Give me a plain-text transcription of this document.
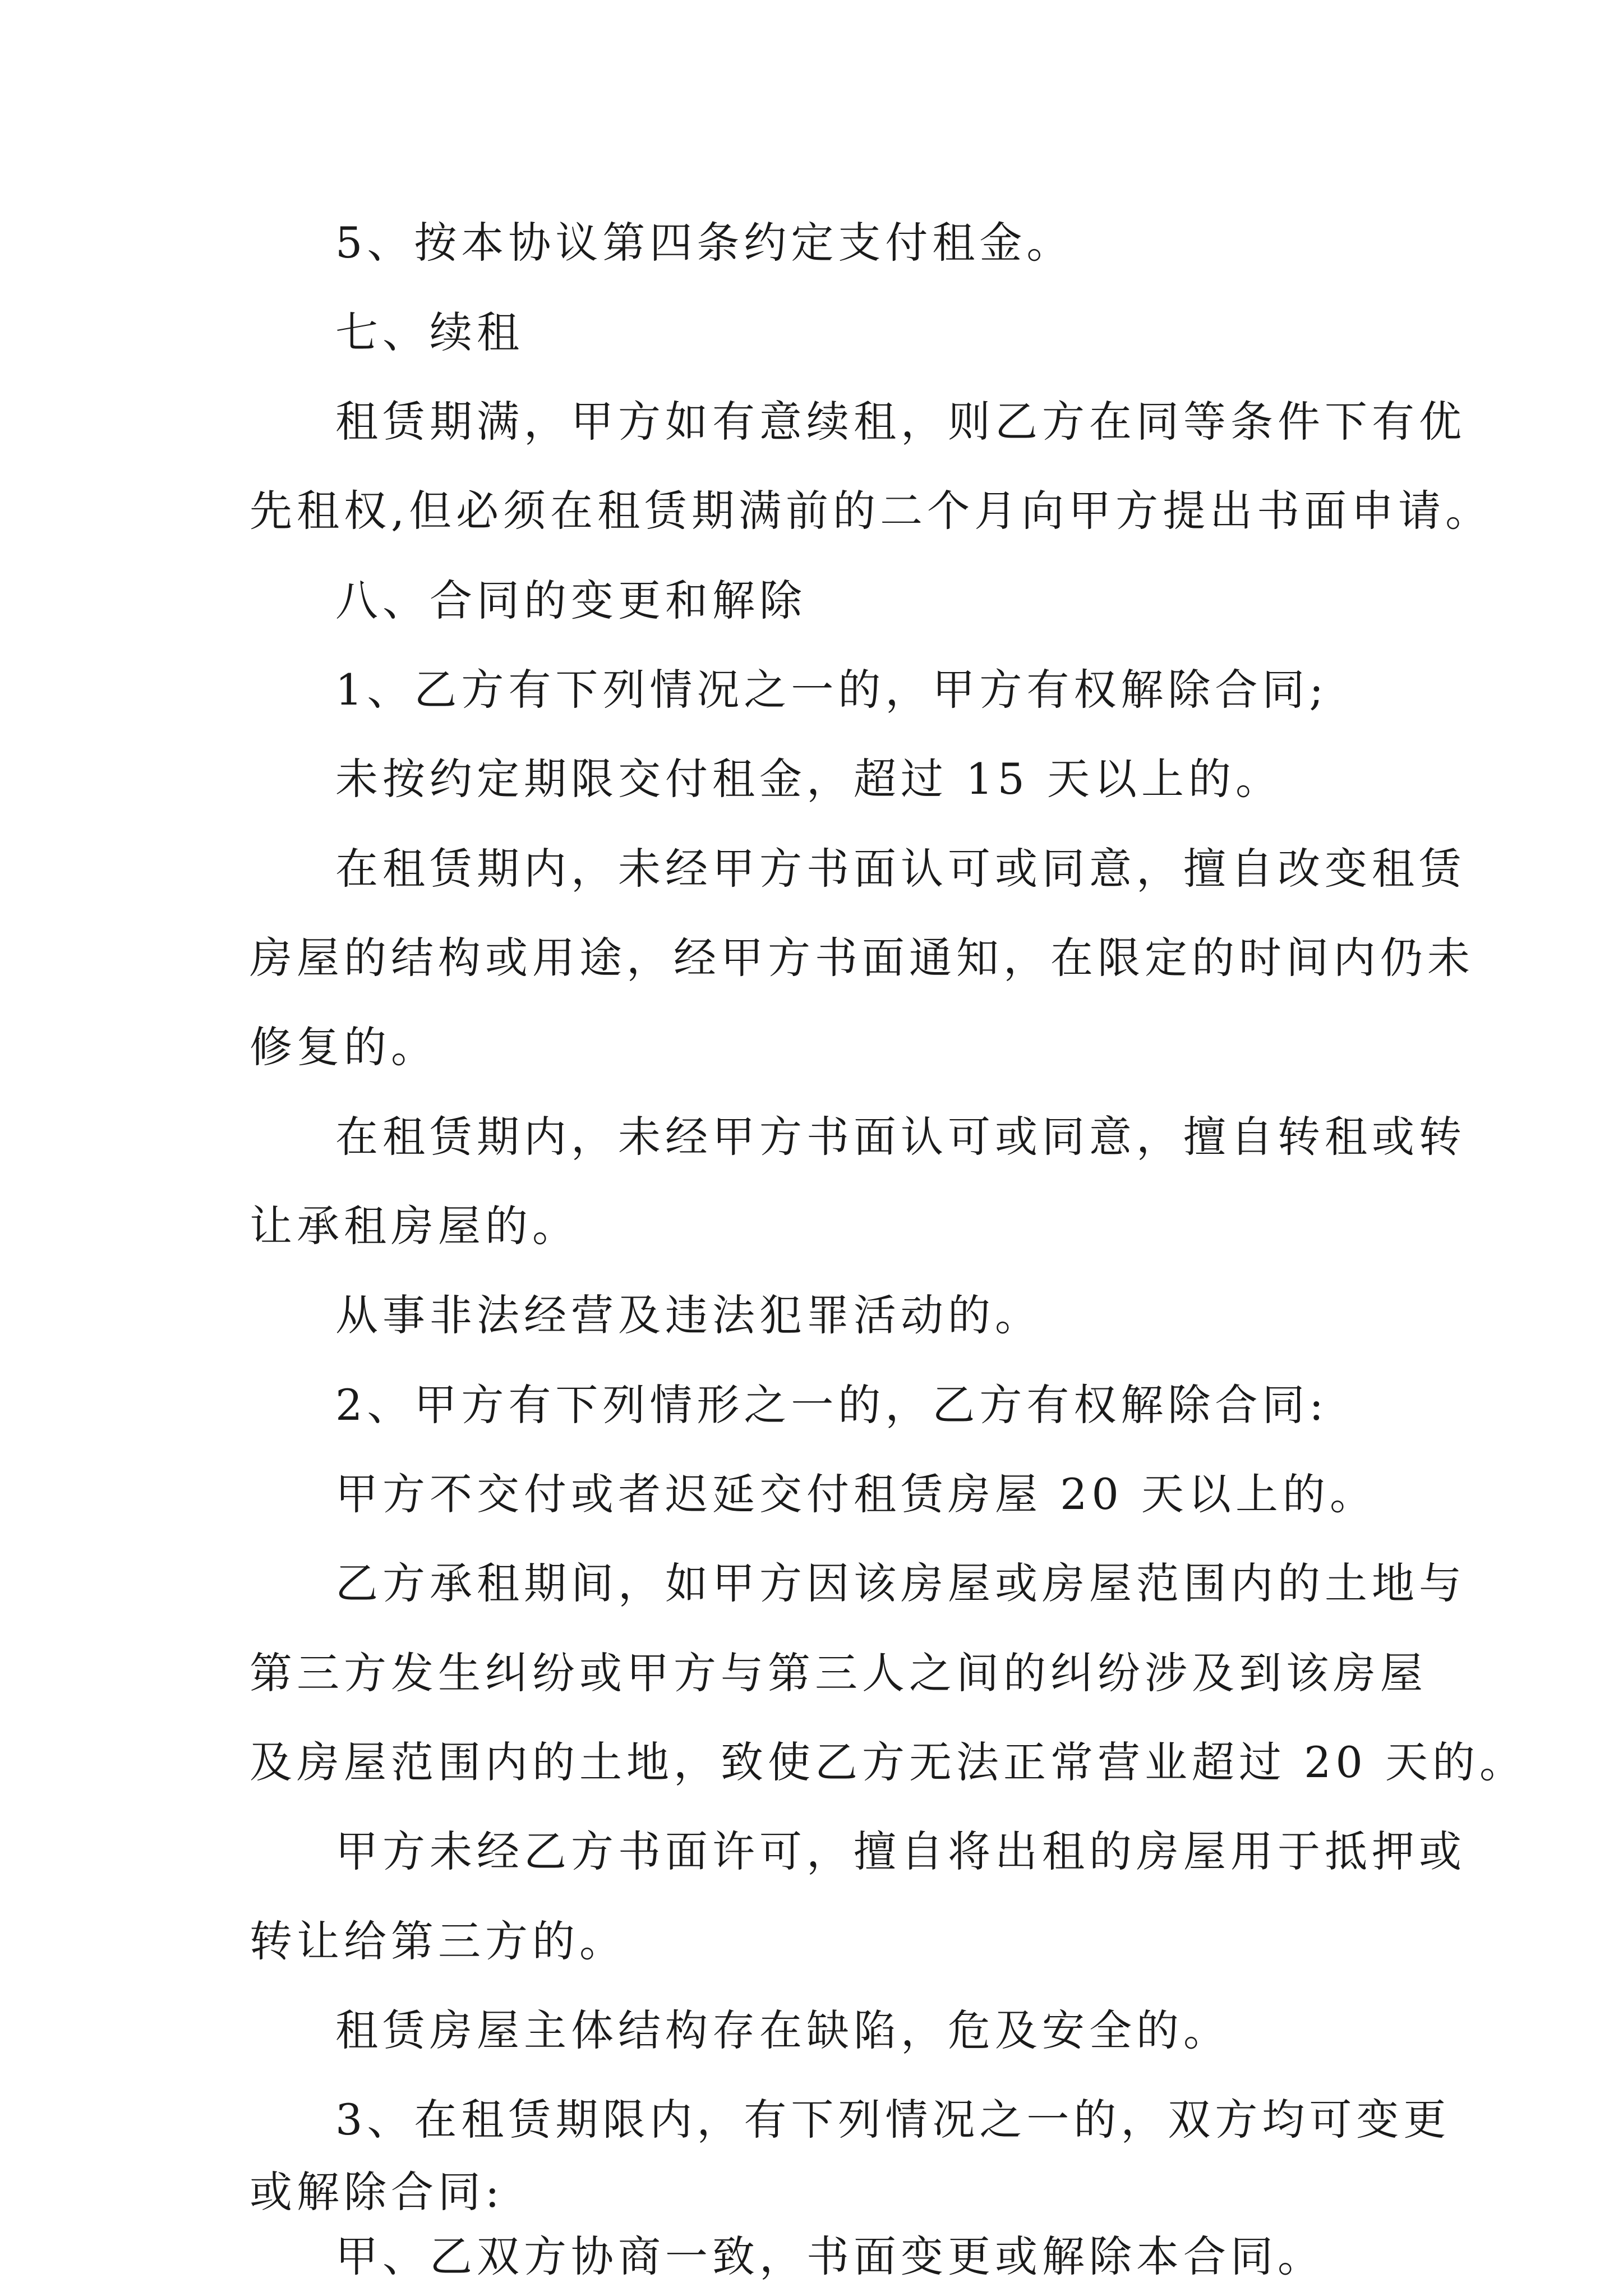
5、按本协议第四条约定支付租金。
七、续租
租赁期满，甲方如有意续租，则乙方在同等条件下有优
先租权,但必须在租赁期满前的二个月向甲方提出书面申请。
八、合同的变更和解除
1、乙方有下列情况之一的，甲方有权解除合同;
未按约定期限交付租金，超过 15 天以上的。
在租赁期内，未经甲方书面认可或同意，擅自改变租赁
房屋的结构或用途，经甲方书面通知，在限定的时间内仍未
修复的。
在租赁期内，未经甲方书面认可或同意，擅自转租或转
让承租房屋的。
从事非法经营及违法犯罪活动的。
2、甲方有下列情形之一的，乙方有权解除合同:
甲方不交付或者迟延交付租赁房屋 20 天以上的。
乙方承租期间，如甲方因该房屋或房屋范围内的土地与
第三方发生纠纷或甲方与第三人之间的纠纷涉及到该房屋
及房屋范围内的土地，致使乙方无法正常营业超过 20 天的。
甲方未经乙方书面许可，擅自将出租的房屋用于抵押或
转让给第三方的。
租赁房屋主体结构存在缺陷，危及安全的。
3、在租赁期限内，有下列情况之一的，双方均可变更
或解除合同:
甲、乙双方协商一致，书面变更或解除本合同。
